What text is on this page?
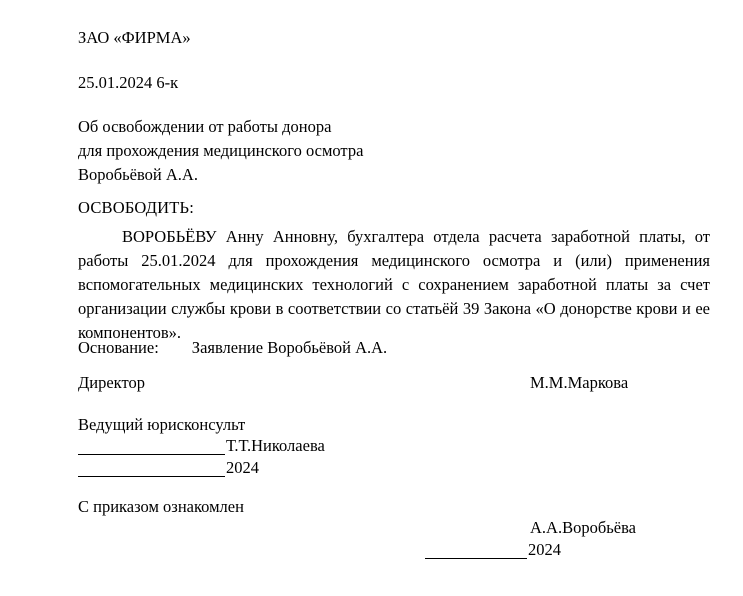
ЗАО «ФИРМА»
25.01.2024 6-к
Об освобождении от работы донора
для прохождения медицинского осмотра
Воробьёвой А.А.
ОСВОБОДИТЬ:
ВОРОБЬЁВУ Анну Анновну, бухгалтера отдела расчета заработной платы, от работы 25.01.2024 для прохождения медицинского осмотра и (или) применения вспомогательных медицинских технологий с сохранением заработной платы за счет организации службы крови в соответствии со статьёй 39 Закона «О донорстве крови и ее компонентов».
Основание: Заявление Воробьёвой А.А.
Директор	М.М.Маркова
Ведущий юрисконсульт
Т.Т.Николаева
2024
С приказом ознакомлен
А.А.Воробьёва
2024
